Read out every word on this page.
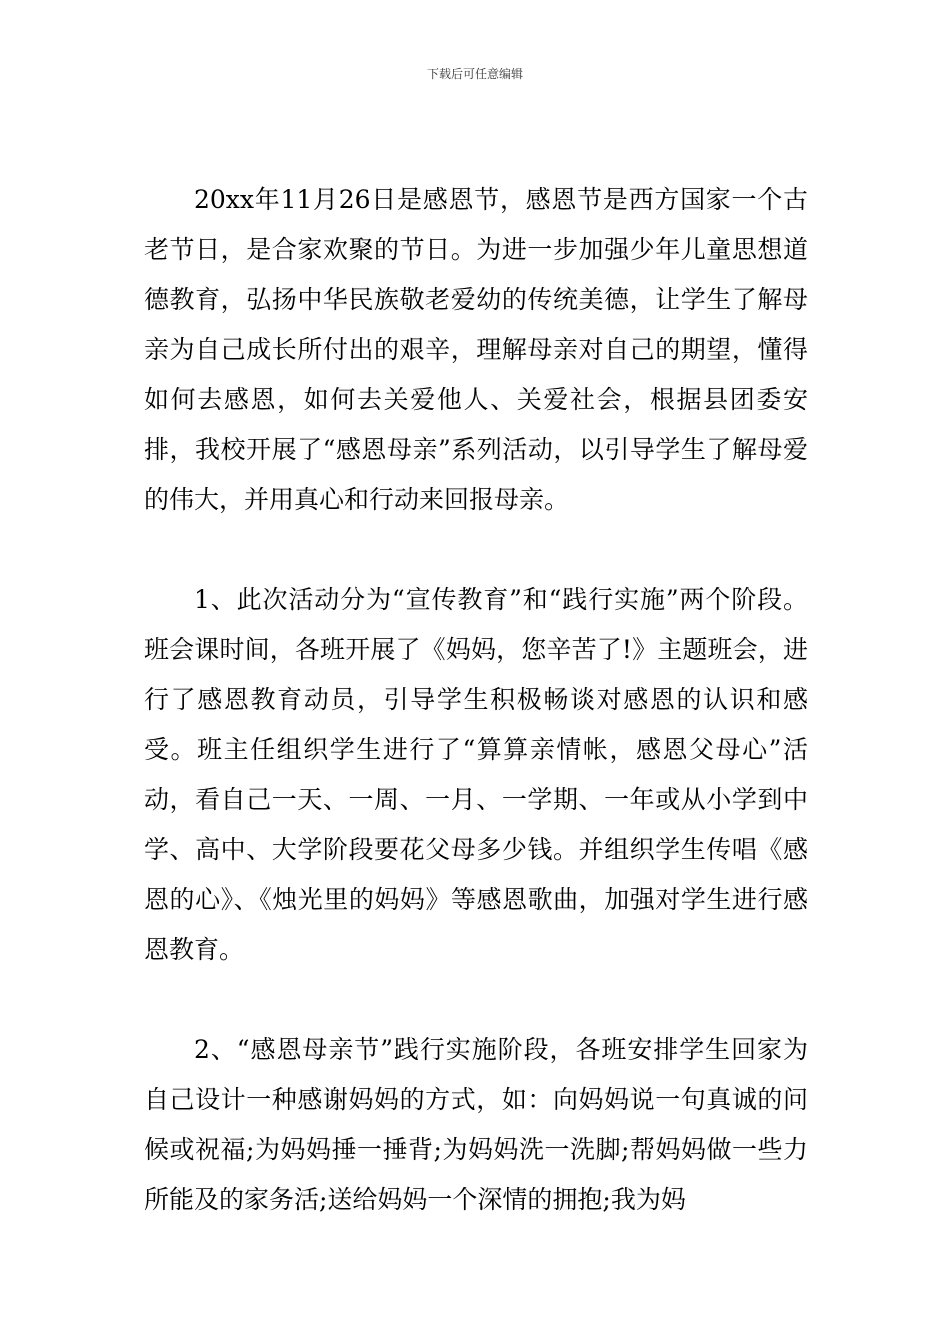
下载后可任意编辑

20xx年11月26日是感恩节，感恩节是西方国家一个古老节日，是合家欢聚的节日。为进一步加强少年儿童思想道德教育，弘扬中华民族敬老爱幼的传统美德，让学生了解母亲为自己成长所付出的艰辛，理解母亲对自己的期望，懂得如何去感恩，如何去关爱他人、关爱社会，根据县团委安排，我校开展了“感恩母亲”系列活动，以引导学生了解母爱的伟大，并用真心和行动来回报母亲。

1、此次活动分为“宣传教育”和“践行实施”两个阶段。班会课时间，各班开展了《妈妈，您辛苦了!》主题班会，进行了感恩教育动员，引导学生积极畅谈对感恩的认识和感受。班主任组织学生进行了“算算亲情帐，感恩父母心”活动，看自己一天、一周、一月、一学期、一年或从小学到中学、高中、大学阶段要花父母多少钱。并组织学生传唱《感恩的心》、《烛光里的妈妈》等感恩歌曲，加强对学生进行感恩教育。

2、“感恩母亲节”践行实施阶段，各班安排学生回家为自己设计一种感谢妈妈的方式，如：向妈妈说一句真诚的问候或祝福;为妈妈捶一捶背;为妈妈洗一洗脚;帮妈妈做一些力所能及的家务活;送给妈妈一个深情的拥抱;我为妈
